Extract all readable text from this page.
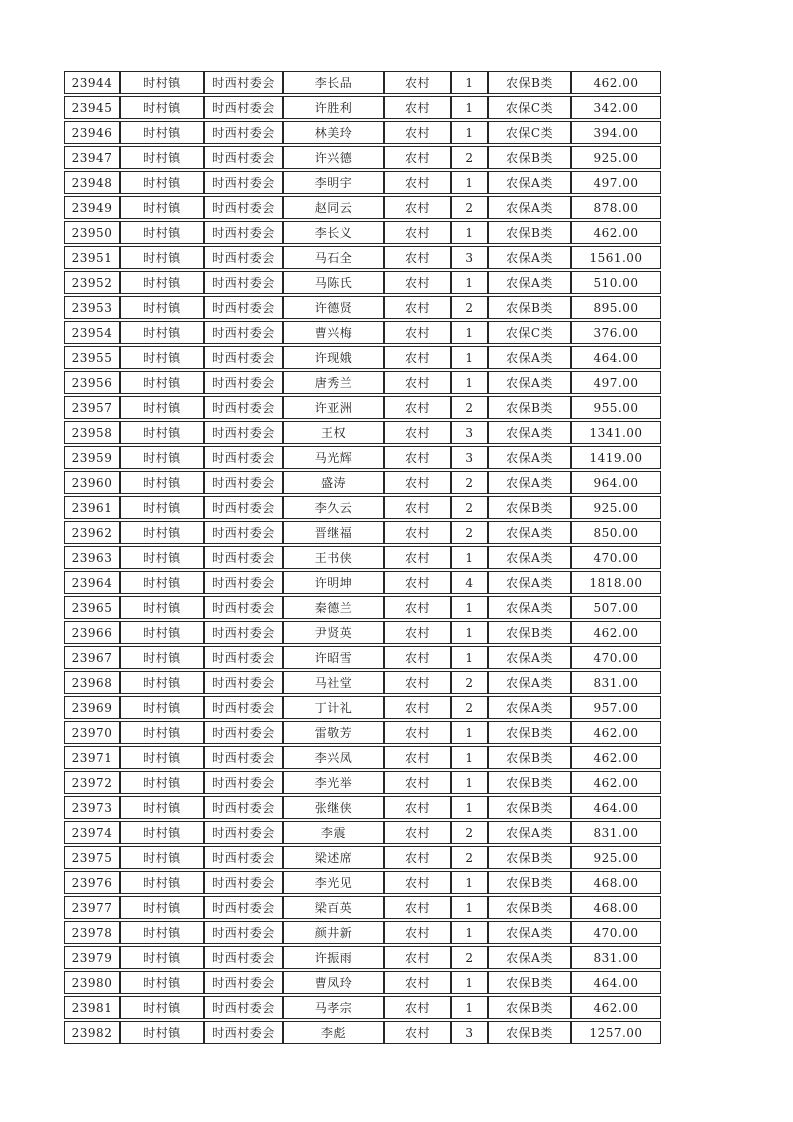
23944	时村镇	时西村委会	李长品	农村	1	农保B类	462.00
23945	时村镇	时西村委会	许胜利	农村	1	农保C类	342.00
23946	时村镇	时西村委会	林美玲	农村	1	农保C类	394.00
23947	时村镇	时西村委会	许兴德	农村	2	农保B类	925.00
23948	时村镇	时西村委会	李明宇	农村	1	农保A类	497.00
23949	时村镇	时西村委会	赵同云	农村	2	农保A类	878.00
23950	时村镇	时西村委会	李长义	农村	1	农保B类	462.00
23951	时村镇	时西村委会	马石全	农村	3	农保A类	1561.00
23952	时村镇	时西村委会	马陈氏	农村	1	农保A类	510.00
23953	时村镇	时西村委会	许德贤	农村	2	农保B类	895.00
23954	时村镇	时西村委会	曹兴梅	农村	1	农保C类	376.00
23955	时村镇	时西村委会	许现娥	农村	1	农保A类	464.00
23956	时村镇	时西村委会	唐秀兰	农村	1	农保A类	497.00
23957	时村镇	时西村委会	许亚洲	农村	2	农保B类	955.00
23958	时村镇	时西村委会	王权	农村	3	农保A类	1341.00
23959	时村镇	时西村委会	马光辉	农村	3	农保A类	1419.00
23960	时村镇	时西村委会	盛涛	农村	2	农保A类	964.00
23961	时村镇	时西村委会	李久云	农村	2	农保B类	925.00
23962	时村镇	时西村委会	晋继福	农村	2	农保A类	850.00
23963	时村镇	时西村委会	王书侠	农村	1	农保A类	470.00
23964	时村镇	时西村委会	许明坤	农村	4	农保A类	1818.00
23965	时村镇	时西村委会	秦德兰	农村	1	农保A类	507.00
23966	时村镇	时西村委会	尹贤英	农村	1	农保B类	462.00
23967	时村镇	时西村委会	许昭雪	农村	1	农保A类	470.00
23968	时村镇	时西村委会	马社堂	农村	2	农保A类	831.00
23969	时村镇	时西村委会	丁计礼	农村	2	农保A类	957.00
23970	时村镇	时西村委会	雷敬芳	农村	1	农保B类	462.00
23971	时村镇	时西村委会	李兴凤	农村	1	农保B类	462.00
23972	时村镇	时西村委会	李光举	农村	1	农保B类	462.00
23973	时村镇	时西村委会	张继侠	农村	1	农保B类	464.00
23974	时村镇	时西村委会	李震	农村	2	农保A类	831.00
23975	时村镇	时西村委会	梁述席	农村	2	农保B类	925.00
23976	时村镇	时西村委会	李光见	农村	1	农保B类	468.00
23977	时村镇	时西村委会	梁百英	农村	1	农保B类	468.00
23978	时村镇	时西村委会	颜井新	农村	1	农保A类	470.00
23979	时村镇	时西村委会	许振雨	农村	2	农保A类	831.00
23980	时村镇	时西村委会	曹凤玲	农村	1	农保B类	464.00
23981	时村镇	时西村委会	马孝宗	农村	1	农保B类	462.00
23982	时村镇	时西村委会	李彪	农村	3	农保B类	1257.00
